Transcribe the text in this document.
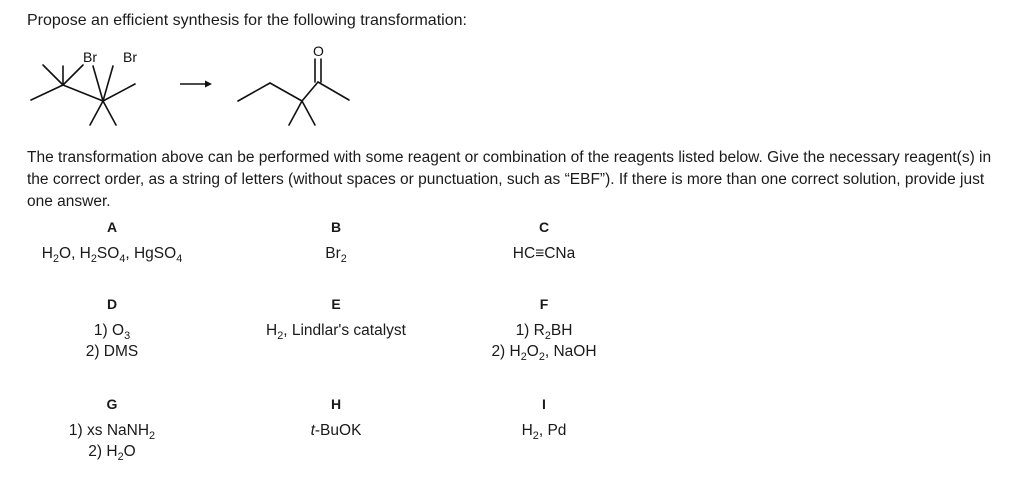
Propose an efficient synthesis for the following transformation:
Br Br	O
The transformation above can be performed with some reagent or combination of the reagents listed below. Give the necessary reagent(s) in the correct order, as a string of letters (without spaces or punctuation, such as “EBF”). If there is more than one correct solution, provide just one answer.
A
$H_2O$, $H_2SO_4$, HgSO$_4$
B
$Br_2$
C
HC≡CNa
D
1) $O_3$
2) DMS
E
$H_2$, Lindlar's catalyst
F
1) $R_2BH$
2) $H_2O_2$, NaOH
G
1) xs NaNH$_2$
2) $H_2O$
H
t-BuOK
I
$H_2$, Pd
